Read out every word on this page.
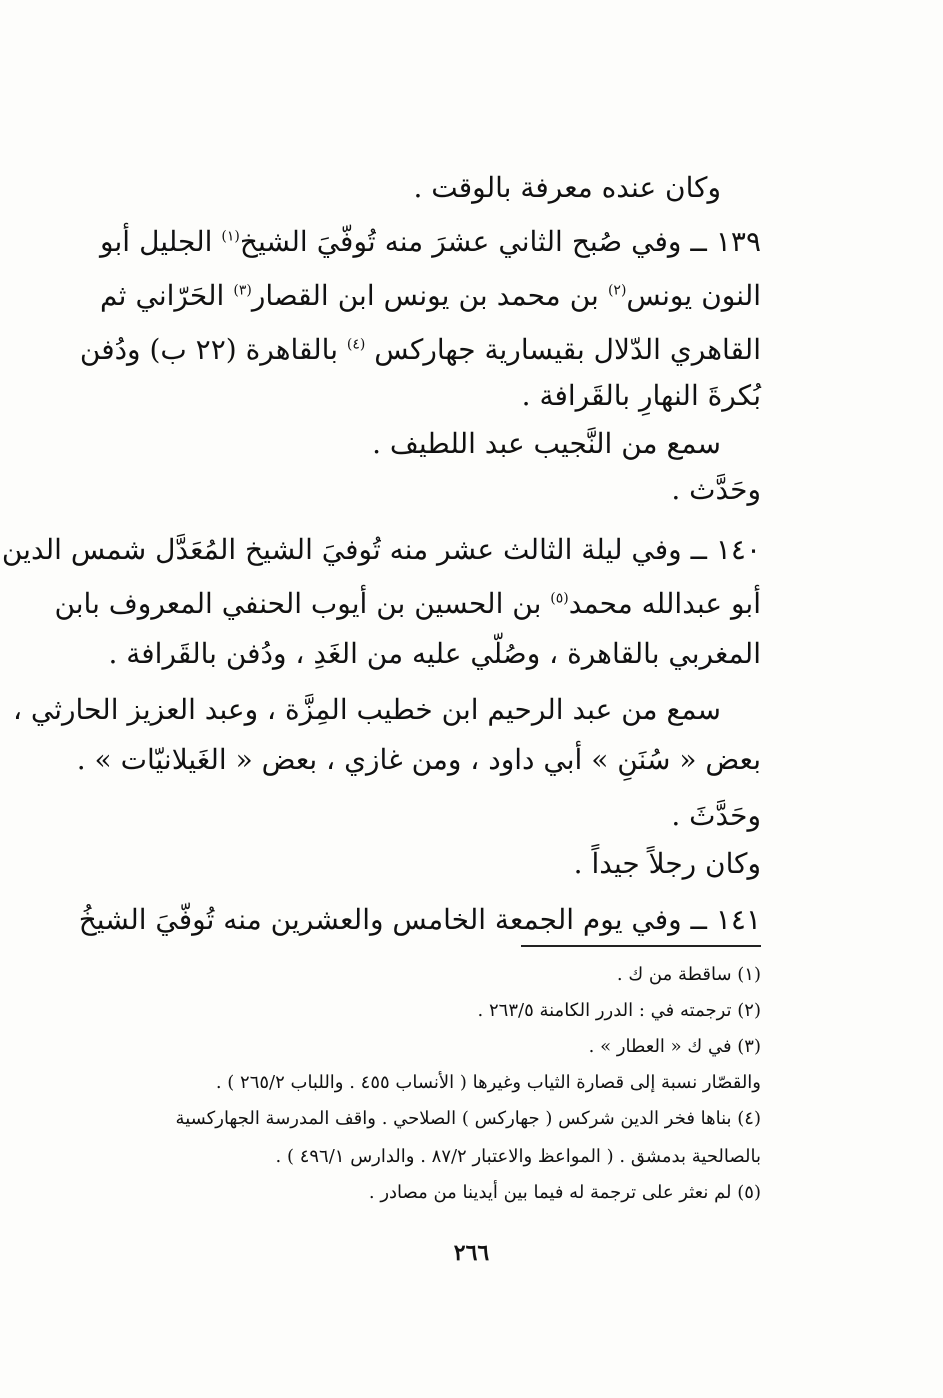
وكان عنده معرفة بالوقت .
١٣٩ ــ وفي صُبح الثاني عشرَ منه تُوفّيَ الشيخ$^{(١)}$ الجليل أبو
النون يونس$^{(٢)}$ بن محمد بن يونس ابن القصار$^{(٣)}$ الحَرّاني ثم
القاهري الدّلال بقيسارية جهاركس $^{(٤)}$ بالقاهرة (٢٢ ب) ودُفن
بُكرةَ النهارِ بالقَرافة .
سمع من النَّجيب عبد اللطيف .
وحَدَّث .
١٤٠ ــ وفي ليلة الثالث عشر منه تُوفيَ الشيخ المُعَدَّل شمس الدين
أبو عبدالله محمد$^{(٥)}$ بن الحسين بن أيوب الحنفي المعروف بابن
المغربي بالقاهرة ، وصُلّي عليه من الغَدِ ، ودُفن بالقَرافة .
سمع من عبد الرحيم ابن خطيب المِزَّة ، وعبد العزيز الحارثي ،
بعض « سُنَنِ » أبي داود ، ومن غازي ، بعض « الغَيلانيّات » .
وحَدَّثَ .
وكان رجلاً جيداً .
١٤١ ــ وفي يوم الجمعة الخامس والعشرين منه تُوفّيَ الشيخُ
(١) ساقطة من ك .
(٢) ترجمته في : الدرر الكامنة ٢٦٣/٥ .
(٣) في ك « العطار » .
والقصّار نسبة إلى قصارة الثياب وغيرها ( الأنساب ٤٥٥ . واللباب ٢٦٥/٢ ) .
(٤) بناها فخر الدين شركس ( جهاركس ) الصلاحي . واقف المدرسة الجهاركسية
بالصالحية بدمشق . ( المواعظ والاعتبار ٨٧/٢ . والدارس ٤٩٦/١ ) .
(٥) لم نعثر على ترجمة له فيما بين أيدينا من مصادر .
٢٦٦
